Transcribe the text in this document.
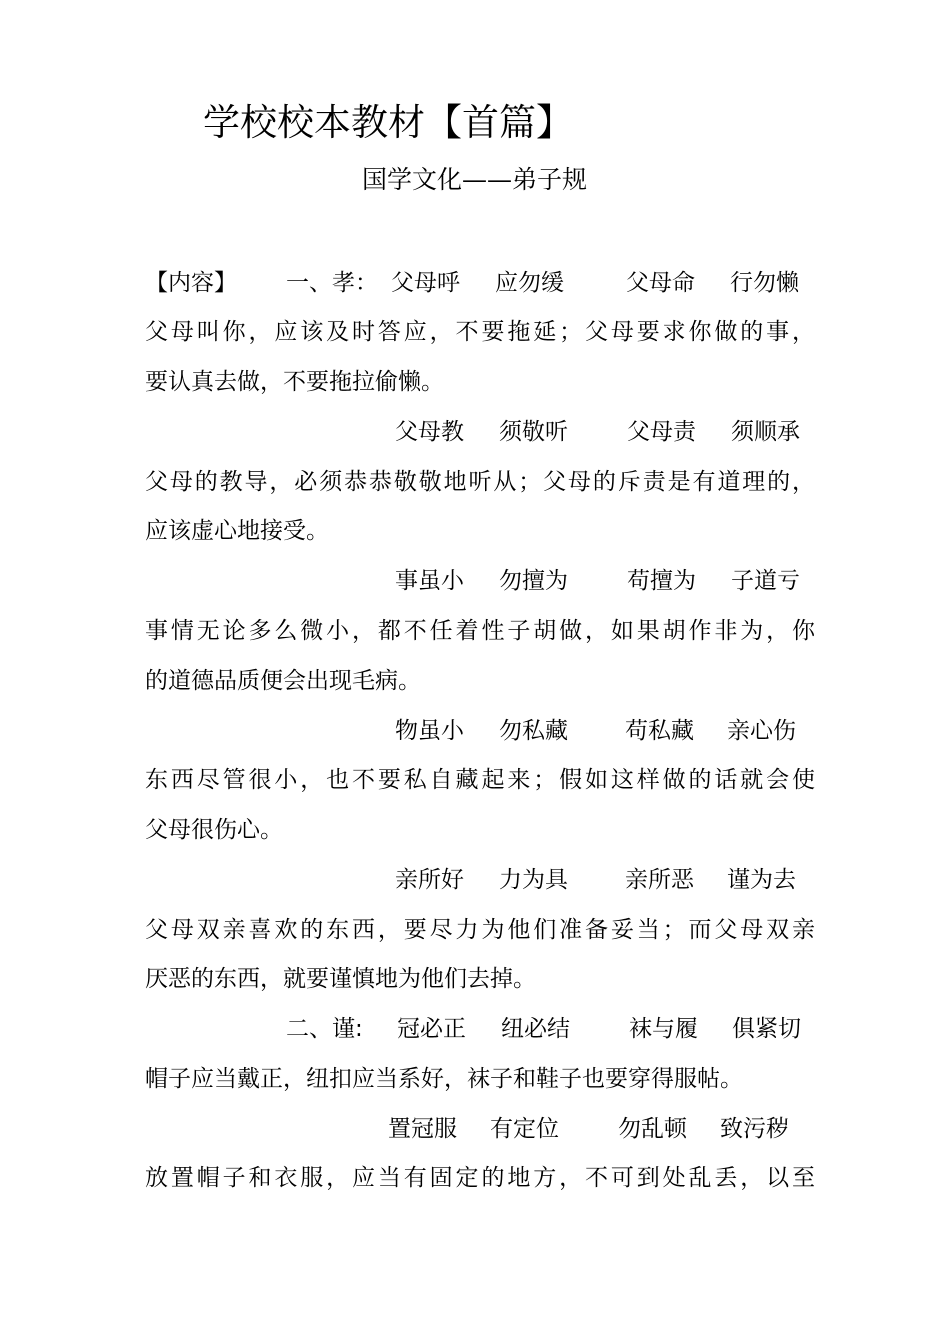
学校校本教材【首篇】
国学文化——弟子规
【内容】 一、孝： 父母呼 应勿缓	父母命 行勿懒
父母叫你，应该及时答应，不要拖延；父母要求你做的事，
要认真去做，不要拖拉偷懒。
父母教 须敬听	父母责 须顺承
父母的教导，必须恭恭敬敬地听从；父母的斥责是有道理的，
应该虚心地接受。
事虽小 勿擅为	苟擅为 子道亏
事情无论多么微小，都不任着性子胡做，如果胡作非为，你
的道德品质便会出现毛病。
物虽小 勿私藏 苟私藏 亲心伤
东西尽管很小，也不要私自藏起来；假如这样做的话就会使
父母很伤心。
亲所好 力为具 亲所恶 谨为去
父母双亲喜欢的东西，要尽力为他们准备妥当；而父母双亲
厌恶的东西，就要谨慎地为他们去掉。
二、谨: 冠必正 纽必结	袜与履 俱紧切
帽子应当戴正，纽扣应当系好，袜子和鞋子也要穿得服帖。
置冠服 有定位	勿乱顿 致污秽
放置帽子和衣服，应当有固定的地方，不可到处乱丢，以至
